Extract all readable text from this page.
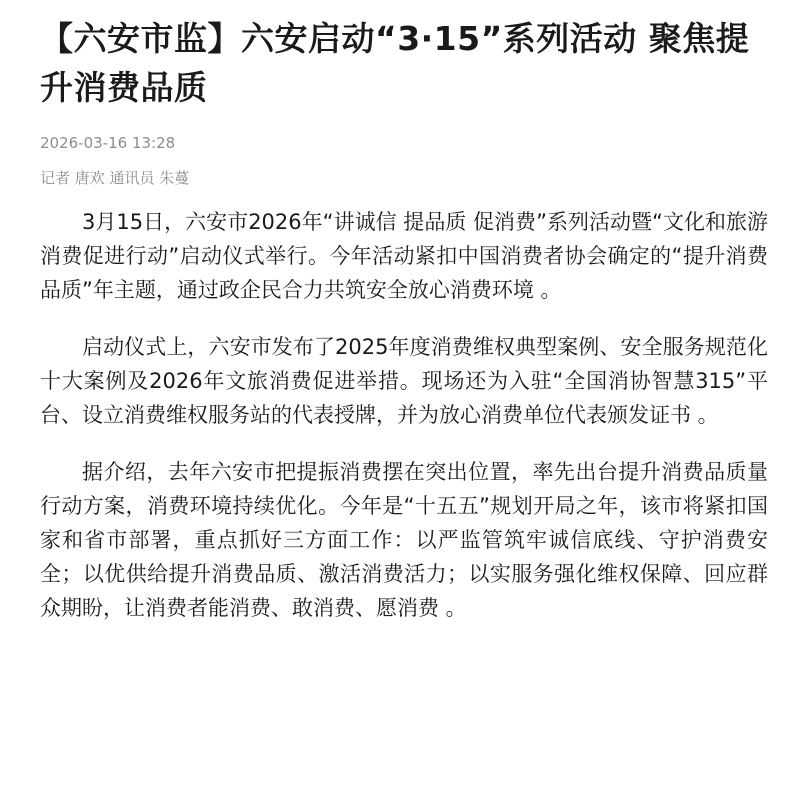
【六安市监】六安启动“3·15”系列活动 聚焦提升消费品质
2026-03-16 13:28
记者 唐欢 通讯员 朱蔓

3月15日，六安市2026年“讲诚信 提品质 促消费”系列活动暨“文化和旅游消费促进行动”启动仪式举行。今年活动紧扣中国消费者协会确定的“提升消费品质”年主题，通过政企民合力共筑安全放心消费环境 。

启动仪式上，六安市发布了2025年度消费维权典型案例、安全服务规范化十大案例及2026年文旅消费促进举措。现场还为入驻“全国消协智慧315”平台、设立消费维权服务站的代表授牌，并为放心消费单位代表颁发证书 。

据介绍，去年六安市把提振消费摆在突出位置，率先出台提升消费品质量行动方案，消费环境持续优化。今年是“十五五”规划开局之年，该市将紧扣国家和省市部署，重点抓好三方面工作：以严监管筑牢诚信底线、守护消费安全；以优供给提升消费品质、激活消费活力；以实服务强化维权保障、回应群众期盼，让消费者能消费、敢消费、愿消费 。
